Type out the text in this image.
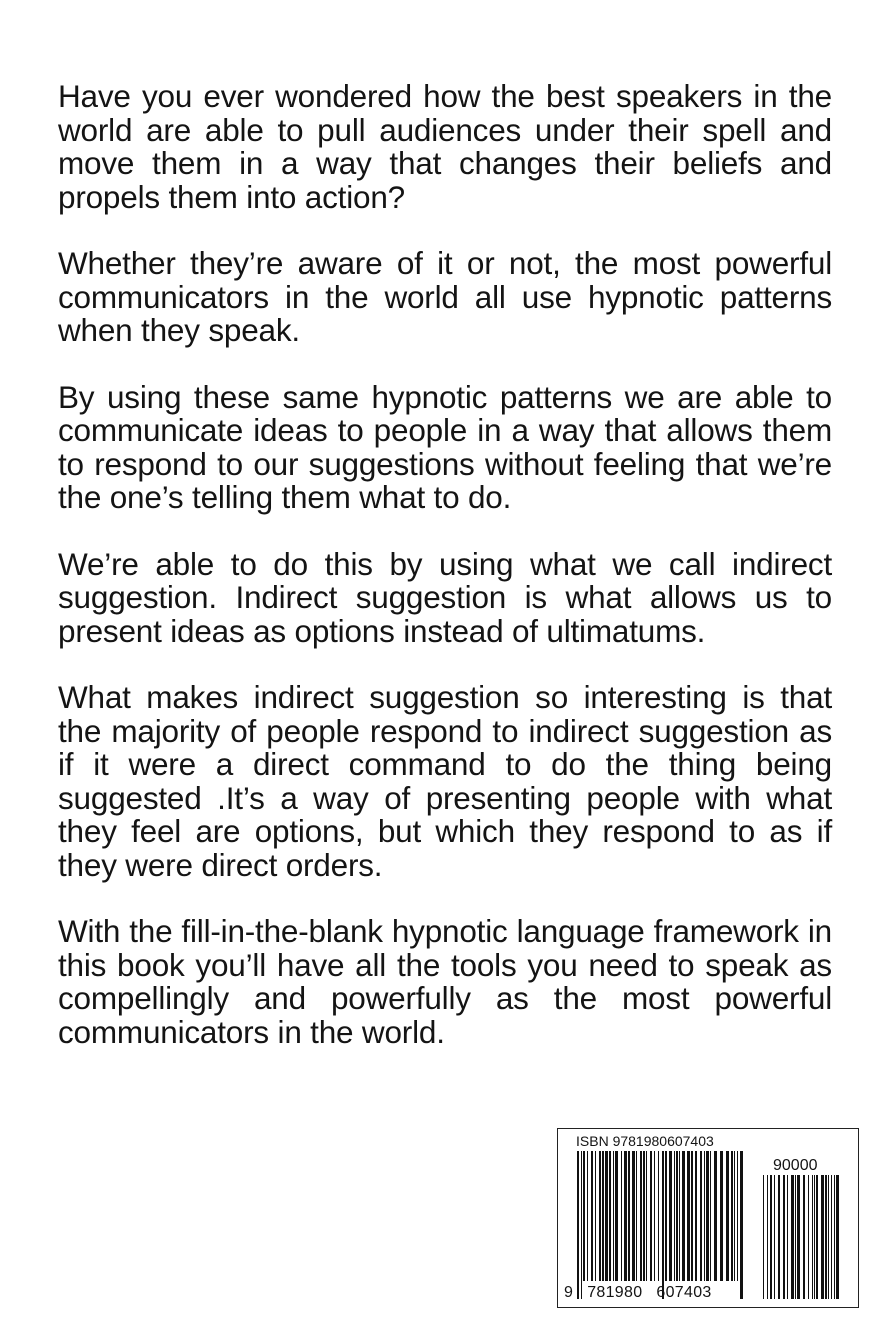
Have you ever wondered how the best speakers in the world are able to pull audiences under their spell and move them in a way that changes their beliefs and propels them into action?

Whether they’re aware of it or not, the most powerful communicators in the world all use hypnotic patterns when they speak.

By using these same hypnotic patterns we are able to communicate ideas to people in a way that allows them to respond to our suggestions without feeling that we’re the one’s telling them what to do.

We’re able to do this by using what we call indirect suggestion. Indirect suggestion is what allows us to present ideas as options instead of ultimatums.

What makes indirect suggestion so interesting is that the majority of people respond to indirect suggestion as if it were a direct command to do the thing being suggested .It’s a way of presenting people with what they feel are options, but which they respond to as if they were direct orders.

With the fill-in-the-blank hypnotic language framework in this book you’ll have all the tools you need to speak as compellingly and powerfully as the most powerful communicators in the world.

ISBN 9781980607403
90000
9 781980 607403
